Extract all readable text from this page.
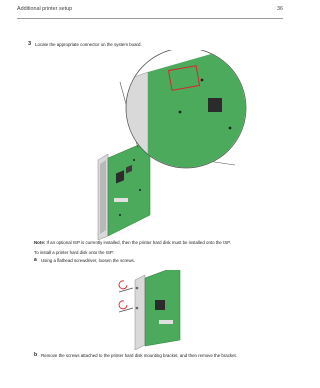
Additional printer setup	36
3 Locate the appropriate connector on the system board.
Note: If an optional ISP is currently installed, then the printer hard disk must be installed onto the ISP.
To install a printer hard disk onto the ISP:
a Using a flathead screwdriver, loosen the screws.
b Remove the screws attached to the printer hard disk mounting bracket, and then remove the bracket.
